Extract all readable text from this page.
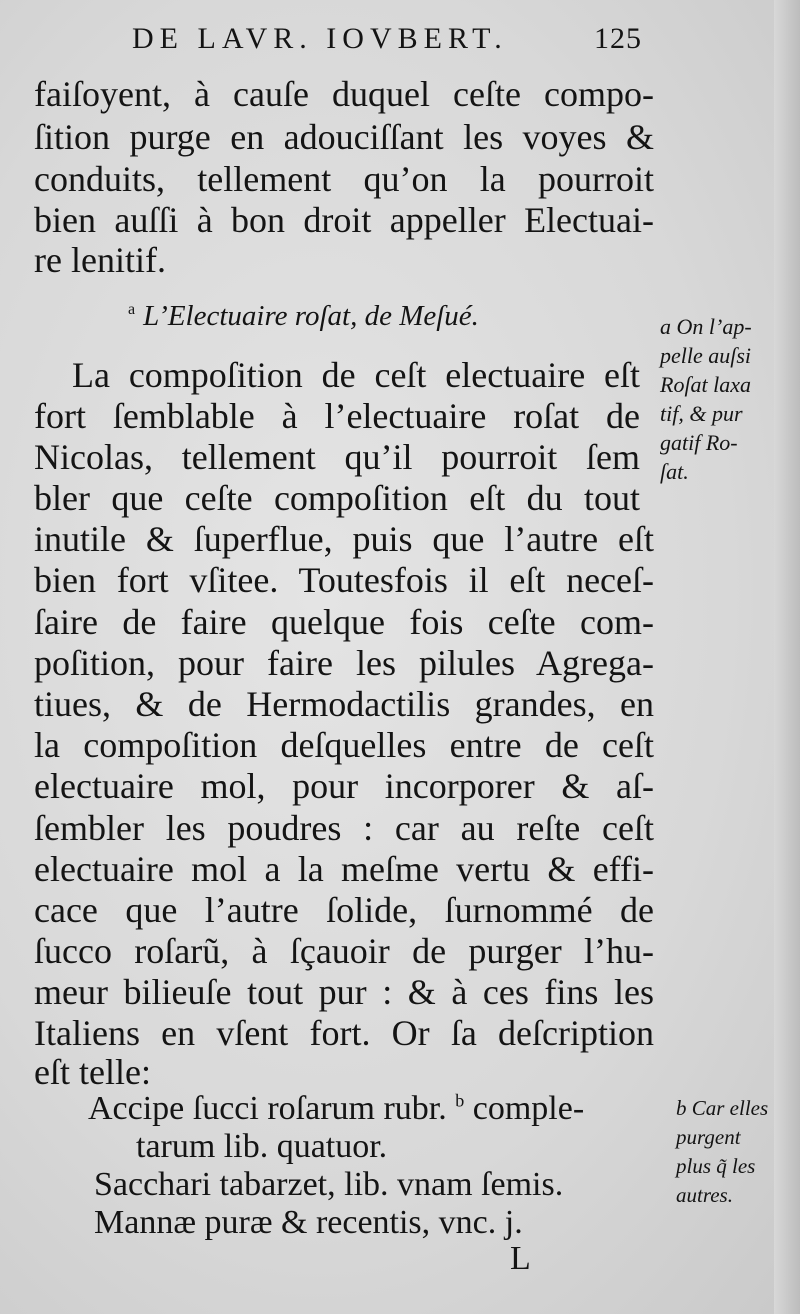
DE LAVR. IOVBERT.	125
faiſoyent, à cauſe duquel ceſte compo-
ſition purge en adouciſſant les voyes &
conduits, tellement qu’on la pourroit
bien auſſi à bon droit appeller Electuai-
re lenitif.
$^a$ L’Electuaire roſat, de Meſué.
La compoſition de ceſt electuaire eſt
fort ſemblable à l’electuaire roſat de
Nicolas, tellement qu’il pourroit ſem
bler que ceſte compoſition eſt du tout
inutile & ſuperflue, puis que l’autre eſt
bien fort vſitee. Toutesfois il eſt neceſ-
ſaire de faire quelque fois ceſte com-
poſition, pour faire les pilules Agrega-
tiues, & de Hermodactilis grandes, en
la compoſition deſquelles entre de ceſt
electuaire mol, pour incorporer & aſ-
ſembler les poudres : car au reſte ceſt
electuaire mol a la meſme vertu & effi-
cace que l’autre ſolide, ſurnommé de
ſucco roſarũ, à ſçauoir de purger l’hu-
meur bilieuſe tout pur : & à ces fins les
Italiens en vſent fort. Or ſa deſcription
eſt telle:
Accipe ſucci roſarum rubr. $^b$ comple-
tarum lib. quatuor.
Sacchari tabarzet, lib. vnam ſemis.
Mannæ puræ & recentis, vnc. j.
a On l’ap-
pelle auſsi
Roſat laxa
tif, & pur
gatif Ro-
ſat.
b Car elles
purgent
plus q̃ les
autres.
L
